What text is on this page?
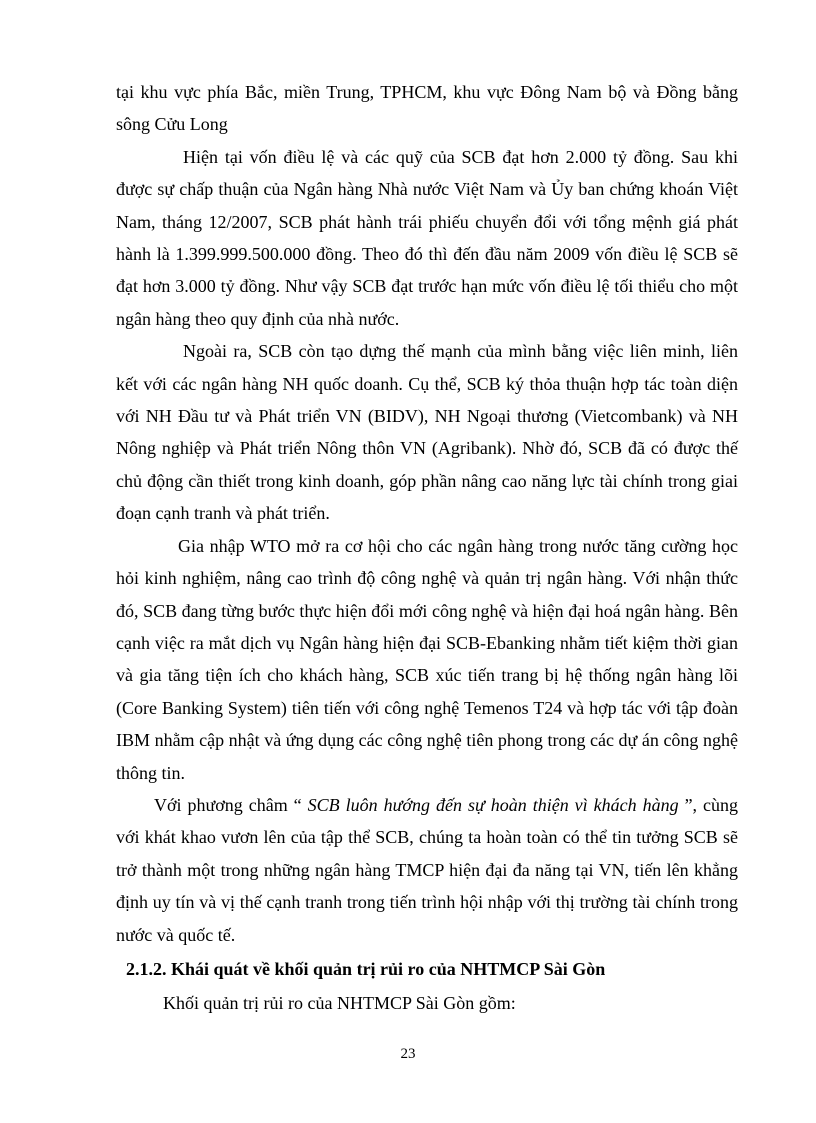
tại khu vực phía Bắc, miền Trung, TPHCM, khu vực Đông Nam bộ và Đồng bằng sông Cửu Long

Hiện tại vốn điều lệ và các quỹ của SCB đạt hơn 2.000 tỷ đồng. Sau khi được sự chấp thuận của Ngân hàng Nhà nước Việt Nam và Ủy ban chứng khoán Việt Nam, tháng 12/2007, SCB phát hành trái phiếu chuyển đổi với tổng mệnh giá phát hành là 1.399.999.500.000 đồng. Theo đó thì đến đầu năm 2009 vốn điều lệ SCB sẽ đạt hơn 3.000 tỷ đồng. Như vậy SCB đạt trước hạn mức vốn điều lệ tối thiểu cho một ngân hàng theo quy định của nhà nước.

Ngoài ra, SCB còn tạo dựng thế mạnh của mình bằng việc liên minh, liên kết với các ngân hàng NH quốc doanh. Cụ thể, SCB ký thỏa thuận hợp tác toàn diện với NH Đầu tư và Phát triển VN (BIDV), NH Ngoại thương (Vietcombank) và NH Nông nghiệp và Phát triển Nông thôn VN (Agribank). Nhờ đó, SCB đã có được thế chủ động cần thiết trong kinh doanh, góp phần nâng cao năng lực tài chính trong giai đoạn cạnh tranh và phát triển.

Gia nhập WTO mở ra cơ hội cho các ngân hàng trong nước tăng cường học hỏi kinh nghiệm, nâng cao trình độ công nghệ và quản trị ngân hàng. Với nhận thức đó, SCB đang từng bước thực hiện đổi mới công nghệ và hiện đại hoá ngân hàng. Bên cạnh việc ra mắt dịch vụ Ngân hàng hiện đại SCB-Ebanking nhằm tiết kiệm thời gian và gia tăng tiện ích cho khách hàng, SCB xúc tiến trang bị hệ thống ngân hàng lõi (Core Banking System) tiên tiến với công nghệ Temenos T24 và hợp tác với tập đoàn IBM nhằm cập nhật và ứng dụng các công nghệ tiên phong trong các dự án công nghệ thông tin.

Với phương châm “ SCB luôn hướng đến sự hoàn thiện vì khách hàng ”, cùng với khát khao vươn lên của tập thể SCB, chúng ta hoàn toàn có thể tin tưởng SCB sẽ trở thành một trong những ngân hàng TMCP hiện đại đa năng tại VN, tiến lên khẳng định uy tín và vị thế cạnh tranh trong tiến trình hội nhập với thị trường tài chính trong nước và quốc tế.

2.1.2. Khái quát về khối quản trị rủi ro của NHTMCP Sài Gòn

Khối quản trị rủi ro của NHTMCP Sài Gòn gồm:

23
